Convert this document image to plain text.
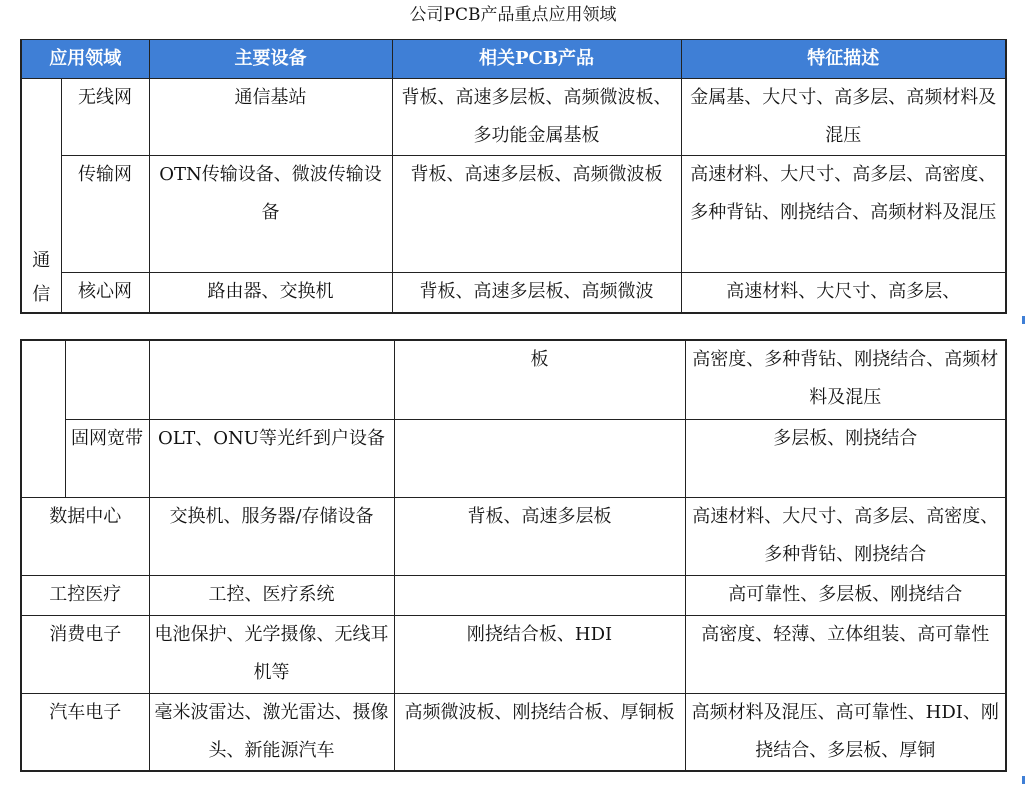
公司PCB产品重点应用领域
应用领域		主要设备	相关PCB产品	特征描述

通
信	无线网	通信基站	背板、高速多层板、高频微波板、多功能金属基板	金属基、大尺寸、高多层、高频材料及混压
	传输网	OTN传输设备、微波传输设备	背板、高速多层板、高频微波板	高速材料、大尺寸、高多层、高密度、多种背钻、刚挠结合、高频材料及混压
	核心网	路由器、交换机	背板、高速多层板、高频微波	高速材料、大尺寸、高多层、
			板	高密度、多种背钻、刚挠结合、高频材料及混压
	固网宽带	OLT、ONU等光纤到户设备		多层板、刚挠结合
数据中心		交换机、服务器/存储设备	背板、高速多层板	高速材料、大尺寸、高多层、高密度、多种背钻、刚挠结合
工控医疗		工控、医疗系统		高可靠性、多层板、刚挠结合
消费电子		电池保护、光学摄像、无线耳机等	刚挠结合板、HDI	高密度、轻薄、立体组装、高可靠性
汽车电子		毫米波雷达、激光雷达、摄像头、新能源汽车	高频微波板、刚挠结合板、厚铜板	高频材料及混压、高可靠性、HDI、刚挠结合、多层板、厚铜
